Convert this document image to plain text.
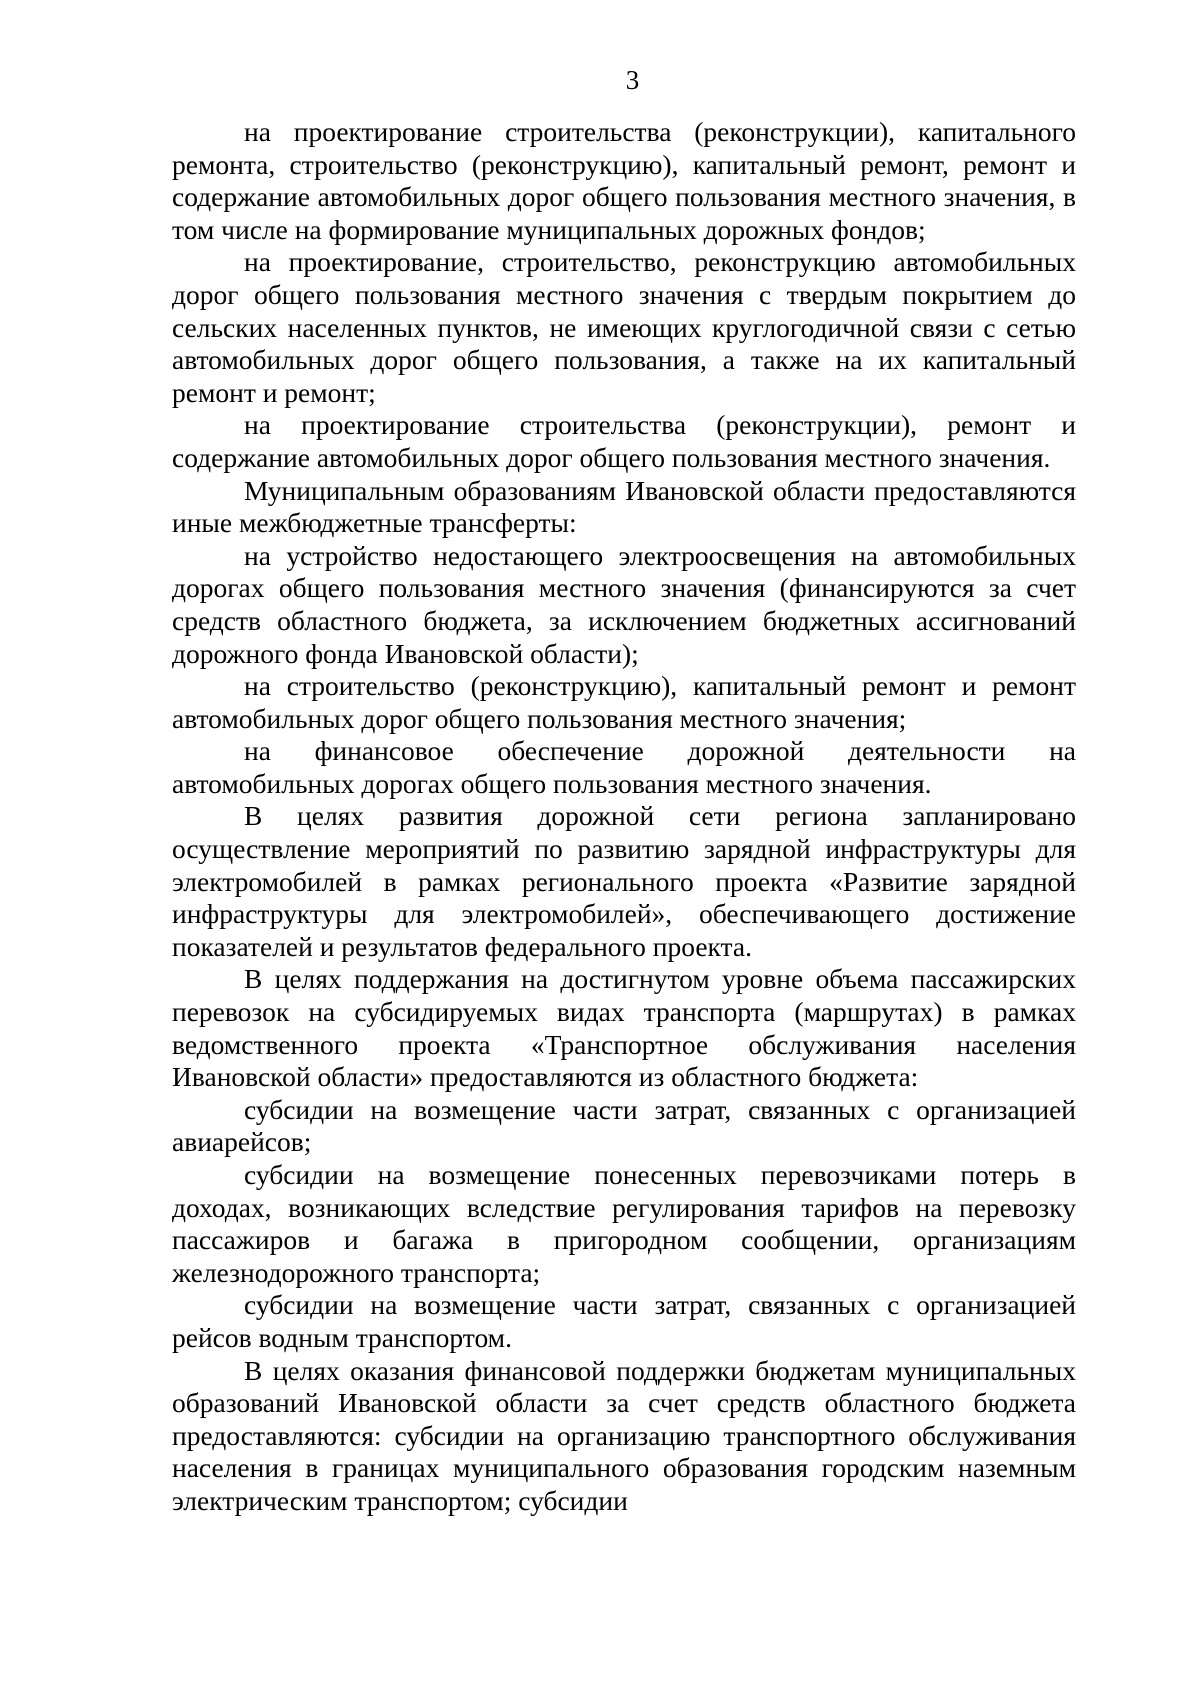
3

на проектирование строительства (реконструкции), капитального ремонта, строительство (реконструкцию), капитальный ремонт, ремонт и содержание автомобильных дорог общего пользования местного значения, в том числе на формирование муниципальных дорожных фондов;

на проектирование, строительство, реконструкцию автомобильных дорог общего пользования местного значения с твердым покрытием до сельских населенных пунктов, не имеющих круглогодичной связи с сетью автомобильных дорог общего пользования, а также на их капитальный ремонт и ремонт;

на проектирование строительства (реконструкции), ремонт и содержание автомобильных дорог общего пользования местного значения.

Муниципальным образованиям Ивановской области предоставляются иные межбюджетные трансферты:

на устройство недостающего электроосвещения на автомобильных дорогах общего пользования местного значения (финансируются за счет средств областного бюджета, за исключением бюджетных ассигнований дорожного фонда Ивановской области);

на строительство (реконструкцию), капитальный ремонт и ремонт автомобильных дорог общего пользования местного значения;

на финансовое обеспечение дорожной деятельности на автомобильных дорогах общего пользования местного значения.

В целях развития дорожной сети региона запланировано осуществление мероприятий по развитию зарядной инфраструктуры для электромобилей в рамках регионального проекта «Развитие зарядной инфраструктуры для электромобилей», обеспечивающего достижение показателей и результатов федерального проекта.

В целях поддержания на достигнутом уровне объема пассажирских перевозок на субсидируемых видах транспорта (маршрутах) в рамках ведомственного проекта «Транспортное обслуживания населения Ивановской области» предоставляются из областного бюджета:

субсидии на возмещение части затрат, связанных с организацией авиарейсов;

субсидии на возмещение понесенных перевозчиками потерь в доходах, возникающих вследствие регулирования тарифов на перевозку пассажиров и багажа в пригородном сообщении, организациям железнодорожного транспорта;

субсидии на возмещение части затрат, связанных с организацией рейсов водным транспортом.

В целях оказания финансовой поддержки бюджетам муниципальных образований Ивановской области за счет средств областного бюджета предоставляются: субсидии на организацию транспортного обслуживания населения в границах муниципального образования городским наземным электрическим транспортом; субсидии
